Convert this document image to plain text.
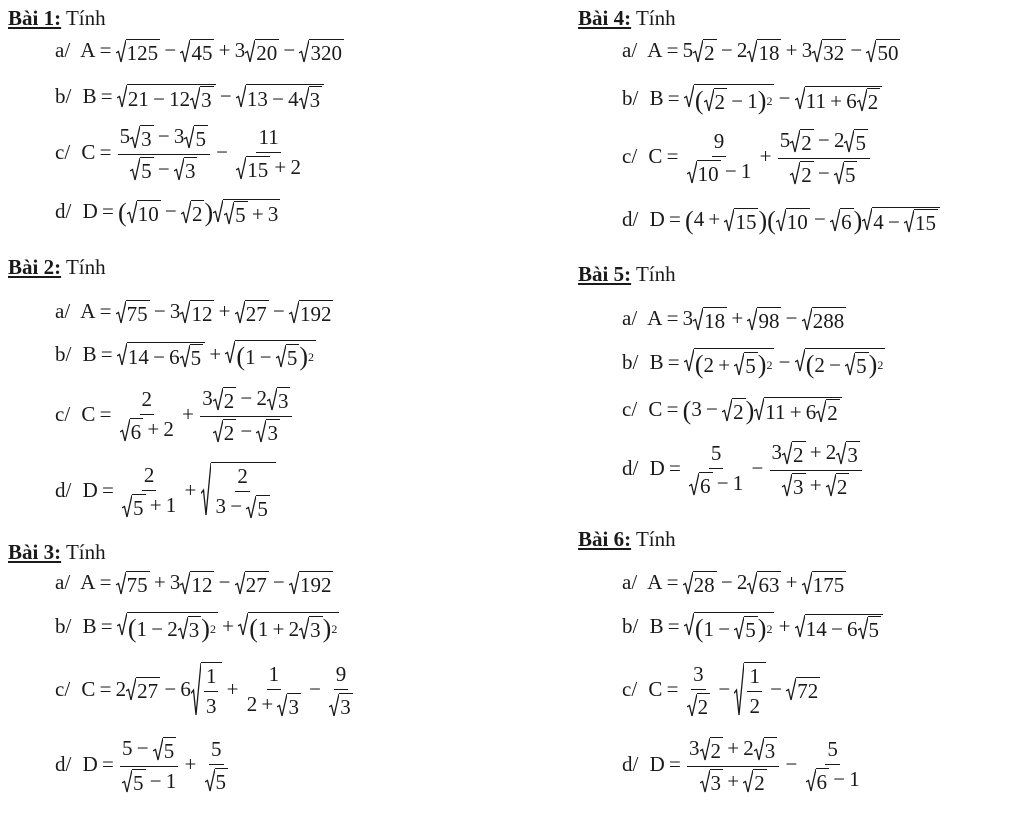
Bài 1: Tính
a/ A =  125  −  45  + 3 20  −  320
b/ B =  21 − 12 3  −  13 − 4 3
c/ $C = \frac{5 3 - 3 5}{5 - 3} - \frac{11}{15 + 2}$
d/ D = ( 10  −  2 ) 5  + 3
Bài 2: Tính
a/ A =  75  − 3 12  +  27  −  192
b/ B =  14 − 6 5  +  ( 1 −  5 ) 2
c/ $C = \frac{2}{6 + 2} + \frac{3 2 - 2 3}{2 - 3}$
d/ $D = \frac{2}{5 + 1}$  + 
2
3 −  5
Bài 3: Tính
a/ A =  75  + 3 12  −  27  −  192
b/ B =  ( 1 − 2 3 ) 2  +  ( 1 + 2 3 ) 2
c/ C = 2 27  − 6
1
3
 +  $\frac{1}{2 + 3} - \frac{9}{3}$
d/ $D = \frac{5 - 5}{5 - 1} + \frac{5}{5}$
Bài 4: Tính
a/ A = 5 2  − 2 18  + 3 32  −  50
b/ B =  ( 2  − 1 ) 2  −  11 + 6 2
c/ $C = \frac{9}{10 - 1} + \frac{5 2 - 2 5}{2 - 5}$
d/ D = (4 +  15 )( 10  −  6 ) 4 −  15
Bài 5: Tính
a/ A = 3 18  +  98  −  288
b/ B =  ( 2 +  5 ) 2  −  ( 2 −  5 ) 2
c/ C = (3 −  2 ) 11 + 6 2
d/ $D = \frac{5}{6 - 1} - \frac{3 2 + 2 3}{3 + 2}$
Bài 6: Tính
a/ A =  28  − 2 63  +  175
b/ B =  ( 1 −  5 ) 2  +  14 − 6 5
c/ $C = \frac{3}{2}$  − 
1
2
 −  72
d/ $D = \frac{3 2 + 2 3}{3 + 2} - \frac{5}{6 - 1}$
